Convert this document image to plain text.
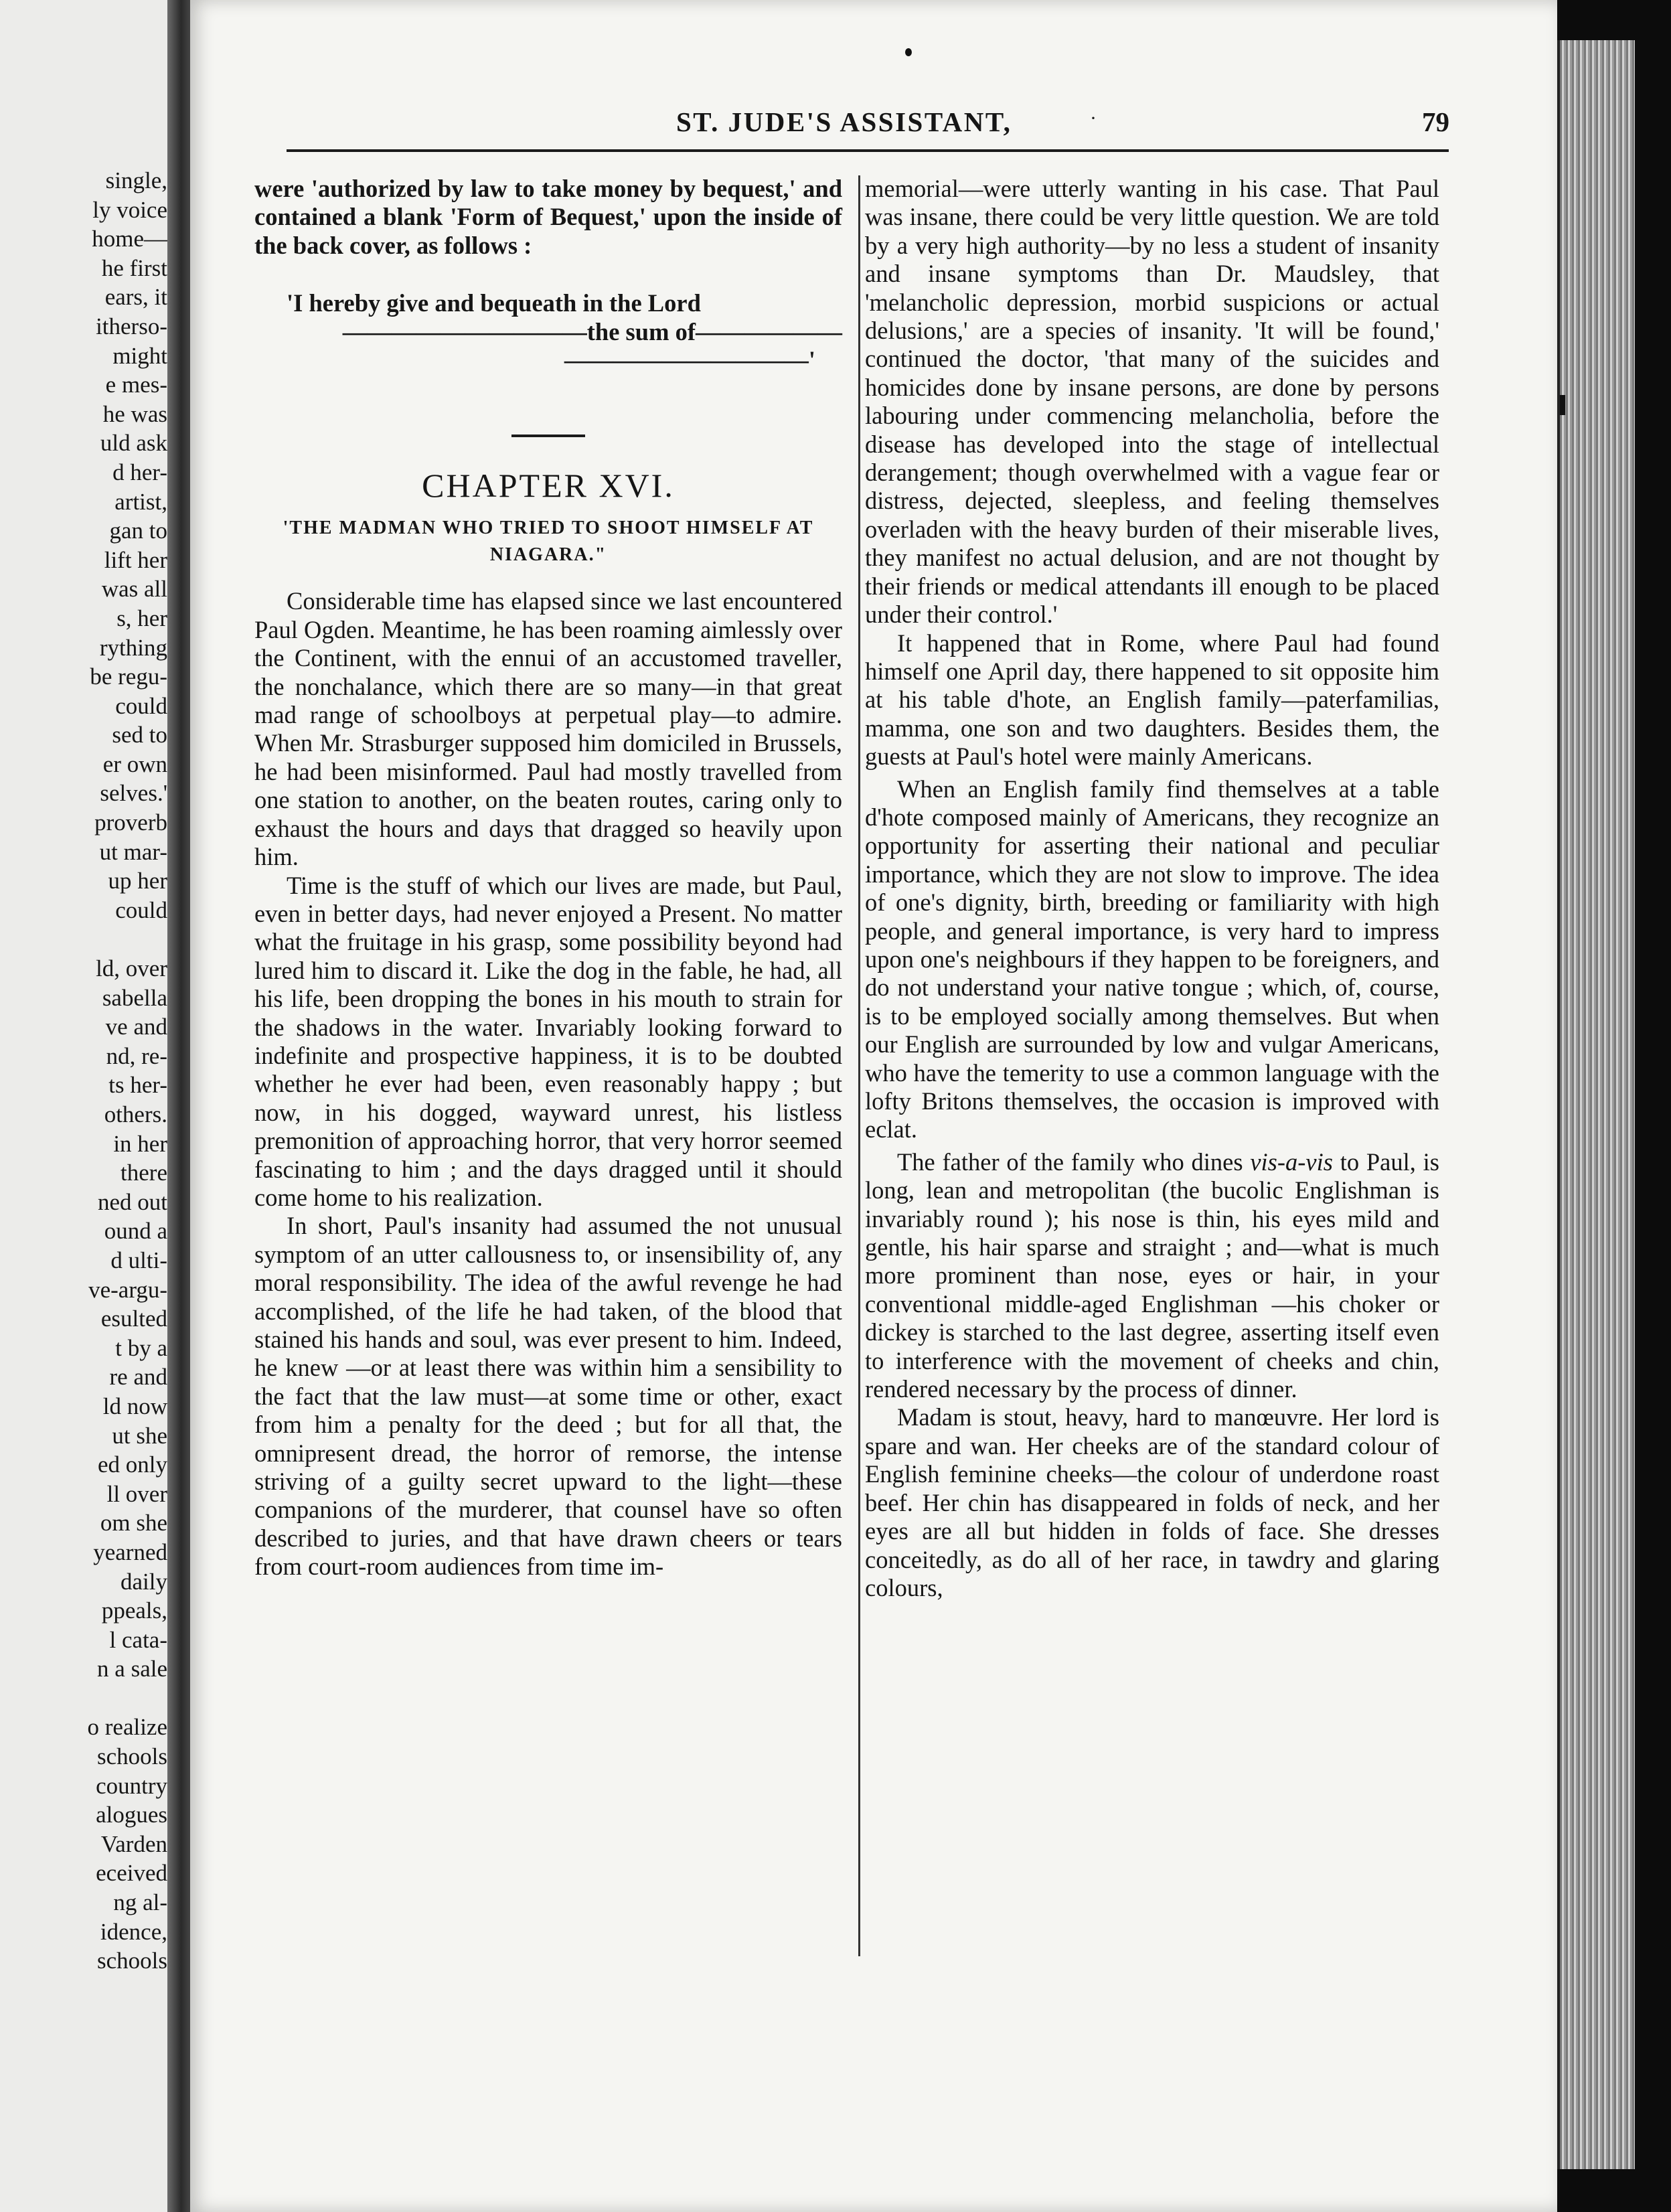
single,
ly voice
home—
he first
ears, it
itherso-
might
e mes-
he was
uld ask
d her-
artist,
gan to
lift her
was all
s, her
rything
be regu-
could
sed to
er own
selves.'
proverb
ut mar-
up her
could

ld, over
sabella
ve and
nd, re-
ts her-
others.
in her
there
ned out
ound a
d ulti-
ve-argu-
esulted
t by a
re and
ld now
ut she
ed only
ll over
om she
yearned
daily
ppeals,
l cata-
n a sale

o realize
schools
country
alogues
Varden
eceived
ng al-
idence,
schools
ST. JUDE'S ASSISTANT,	·	79

were 'authorized by law to take money by bequest,' and contained a blank 'Form of Bequest,' upon the inside of the back cover, as follows :

'I hereby give and bequeath in the Lord

——————————the sum of——————
——————————'
CHAPTER XVI.
'THE MADMAN WHO TRIED TO SHOOT HIMSELF AT NIAGARA."

Considerable time has elapsed since we last encountered Paul Ogden. Meantime, he has been roaming aimlessly over the Continent, with the ennui of an accustomed traveller, the nonchalance, which there are so many—in that great mad range of schoolboys at perpetual play—to admire. When Mr. Strasburger supposed him domiciled in Brussels, he had been misinformed. Paul had mostly travelled from one station to another, on the beaten routes, caring only to exhaust the hours and days that dragged so heavily upon him.

Time is the stuff of which our lives are made, but Paul, even in better days, had never enjoyed a Present. No matter what the fruitage in his grasp, some possibility beyond had lured him to discard it. Like the dog in the fable, he had, all his life, been dropping the bones in his mouth to strain for the shadows in the water. Invariably looking forward to indefinite and prospective happiness, it is to be doubted whether he ever had been, even reasonably happy ; but now, in his dogged, wayward unrest, his listless premonition of approaching horror, that very horror seemed fascinating to him ; and the days dragged until it should come home to his realization.

In short, Paul's insanity had assumed the not unusual symptom of an utter callousness to, or insensibility of, any moral responsibility. The idea of the awful revenge he had accomplished, of the life he had taken, of the blood that stained his hands and soul, was ever present to him. Indeed, he knew —or at least there was within him a sensibility to the fact that the law must—at some time or other, exact from him a penalty for the deed ; but for all that, the omnipresent dread, the horror of remorse, the intense striving of a guilty secret upward to the light—these companions of the murderer, that counsel have so often described to juries, and that have drawn cheers or tears from court-room audiences from time im-

memorial—were utterly wanting in his case. That Paul was insane, there could be very little question. We are told by a very high authority—by no less a student of insanity and insane symptoms than Dr. Maudsley, that 'melancholic depression, morbid suspicions or actual delusions,' are a species of insanity. 'It will be found,' continued the doctor, 'that many of the suicides and homicides done by insane persons, are done by persons labouring under commencing melancholia, before the disease has developed into the stage of intellectual derangement; though overwhelmed with a vague fear or distress, dejected, sleepless, and feeling themselves overladen with the heavy burden of their miserable lives, they manifest no actual delusion, and are not thought by their friends or medical attendants ill enough to be placed under their control.'

It happened that in Rome, where Paul had found himself one April day, there happened to sit opposite him at his table d'hote, an English family—paterfamilias, mamma, one son and two daughters. Besides them, the guests at Paul's hotel were mainly Americans.

When an English family find themselves at a table d'hote composed mainly of Americans, they recognize an opportunity for asserting their national and peculiar importance, which they are not slow to improve. The idea of one's dignity, birth, breeding or familiarity with high people, and general importance, is very hard to impress upon one's neighbours if they happen to be foreigners, and do not understand your native tongue ; which, of, course, is to be employed socially among themselves. But when our English are surrounded by low and vulgar Americans, who have the temerity to use a common language with the lofty Britons themselves, the occasion is improved with eclat.

The father of the family who dines vis-a-vis to Paul, is long, lean and metropolitan (the bucolic Englishman is invariably round ); his nose is thin, his eyes mild and gentle, his hair sparse and straight ; and—what is much more prominent than nose, eyes or hair, in your conventional middle-aged Englishman —his choker or dickey is starched to the last degree, asserting itself even to interference with the movement of cheeks and chin, rendered necessary by the process of dinner.

Madam is stout, heavy, hard to manœuvre. Her lord is spare and wan. Her cheeks are of the standard colour of English feminine cheeks—the colour of underdone roast beef. Her chin has disappeared in folds of neck, and her eyes are all but hidden in folds of face. She dresses conceitedly, as do all of her race, in tawdry and glaring colours,
